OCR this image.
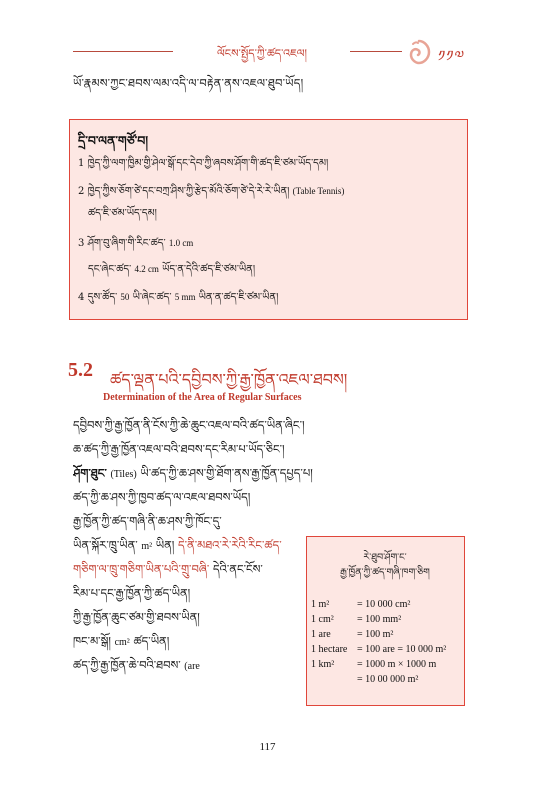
ལོངས་སྤྱོད་ཀྱི་ཚད་འཇལ།	༡༡༧
ཡོ་རྣམས་ཀྱང་ཐབས་ལམ་འདི་ལ་བརྟེན་ནས་འཇལ་ཐུབ་ཡོད།
དྲི་བ་ལན་གཙོ་བ།
1 ཁྱེད་ཀྱི་ལག་ཁྱིམ་གྱི་ཤེལ་སྒོ་དང་དེབ་ཀྱི་ཞབས་ཤོག་གི་ཚད་ཇི་ཙམ་ཡོད་དམ།
2 ཁྱེད་ཀྱིས་ཅོག་ཙེ་དང་བཀྲ་ཤིས་ཀྱི་རྩེད་མོའི་ཅོག་ཙེ་དེ་རེ་རེ་ཡིན། (Table Tennis)
ཚད་ཇི་ཙམ་ཡོད་དམ།
3 ཤོག་བུ་ཞིག་གི་རིང་ཚད་ 1.0 cm
དང་ཞེང་ཚད་ 4.2 cm ཡོད་ན་དེའི་ཚད་ཇི་ཙམ་ཡིན།
4 དུས་ཚོད་ 50 ཡི་ཞེང་ཚད་ 5 mm ཡིན་ན་ཚད་ཇི་ཙམ་ཡིན།
5.2 ཚད་ལྡན་པའི་དབྱིབས་ཀྱི་རྒྱ་ཁྱོན་འཇལ་ཐབས།
Determination of the Area of Regular Surfaces
དབྱིབས་ཀྱི་རྒྱ་ཁྱོན་ནི་ངོས་ཀྱི་ཆེ་ཆུང་འཇལ་བའི་ཚད་ཡིན་ཞིང་།
ཆ་ཚད་ཀྱི་རྒྱ་ཁྱོན་འཇལ་བའི་ཐབས་དང་རིམ་པ་ཡོད་ཅིང་།
ཤོག་ཐུང་ (Tiles) ཡི་ཚད་ཀྱི་ཆ་ཤས་གྱི་ཐོག་ནས་རྒྱ་ཁྱོན་དཔྱད་པ།
ཚད་ཀྱི་ཆ་ཤས་ཀྱི་ཁྱབ་ཚད་ལ་འཇལ་ཐབས་ཡོད།
རྒྱ་ཁྱོན་ཀྱི་ཚད་གཞི་ནི་ཆ་ཤས་ཀྱི་ཁོང་དུ་
ཡིན་སྐོར་ཁྲུ་ཡིན་ m² ཡིན། དེ་ནི་མཐའ་རེ་རེའི་རིང་ཚད་
གཅིག་ལ་ཁྲུ་གཅིག་ཡིན་པའི་གྲུ་བཞི་ དེའི་ནང་ངོས་
རིམ་པ་དང་རྒྱ་ཁྱོན་ཀྱི་ཚད་ཡིན།
ཀྱི་རྒྱ་ཁྱོན་ཆུང་ཙམ་གྱི་ཐབས་ཡིན།
ཁང་མ་སྒོ། cm² ཚད་ཡིན།
ཚད་ཀྱི་རྒྱ་ཁྱོན་ཆེ་བའི་ཐབས་ (are
རེ་ཐུབ་ཤོག་ང་
རྒྱ་ཁྱོན་ཀྱི་ཚད་གཞི་ཁག་ཅིག
1 m²	= 10 000 cm²
1 cm² = 100 mm²
1 are	= 100 m²
1 hectare = 100 are = 10 000 m²
1 km² = 1000 m × 1000 m
= 10 00 000 m²
117
